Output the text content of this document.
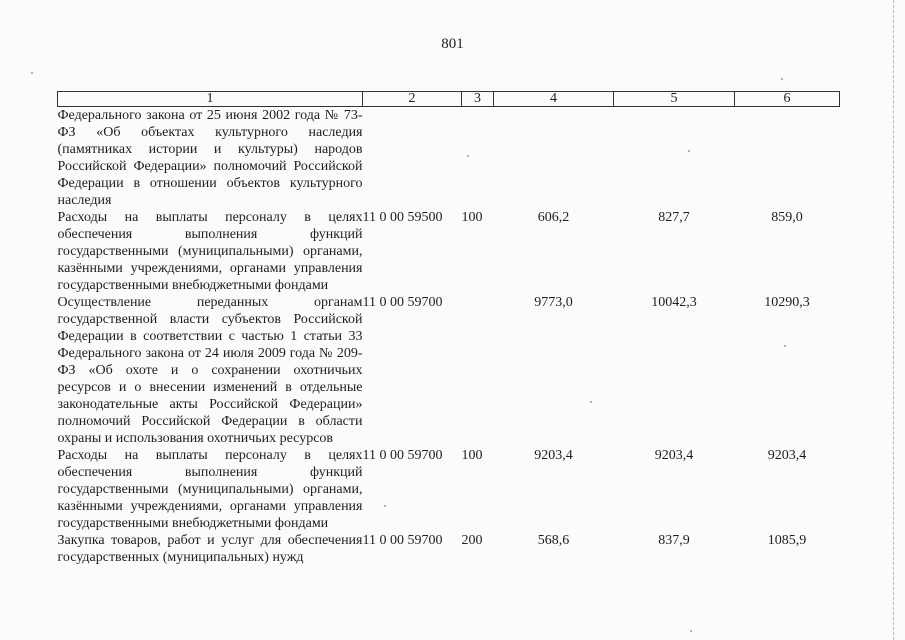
801
1	2	3	4	5	6
Федерального закона от 25 июня 2002 года № 73-ФЗ «Об объектах культурного наследия (памятниках истории и культуры) народов Российской Федерации» полномочий Российской Федерации в отношении объектов культурного наследия					
Расходы на выплаты персоналу в целях обеспечения выполнения функций государственными (муниципальными) органами, казёнными учреждениями, органами управления государственными внебюджетными фондами	11 0 00 59500	100	606,2	827,7	859,0
Осуществление переданных органам государственной власти субъектов Российской Федерации в соответствии с частью 1 статьи 33 Федерального закона от 24 июля 2009 года № 209-ФЗ «Об охоте и о сохранении охотничьих ресурсов и о внесении изменений в отдельные законодательные акты Российской Федерации» полномочий Российской Федерации в области охраны и использования охотничьих ресурсов	11 0 00 59700		9773,0	10042,3	10290,3
Расходы на выплаты персоналу в целях обеспечения выполнения функций государственными (муниципальными) органами, казёнными учреждениями, органами управления государственными внебюджетными фондами	11 0 00 59700	100	9203,4	9203,4	9203,4
Закупка товаров, работ и услуг для обеспечения государственных (муниципальных) нужд	11 0 00 59700	200	568,6	837,9	1085,9
